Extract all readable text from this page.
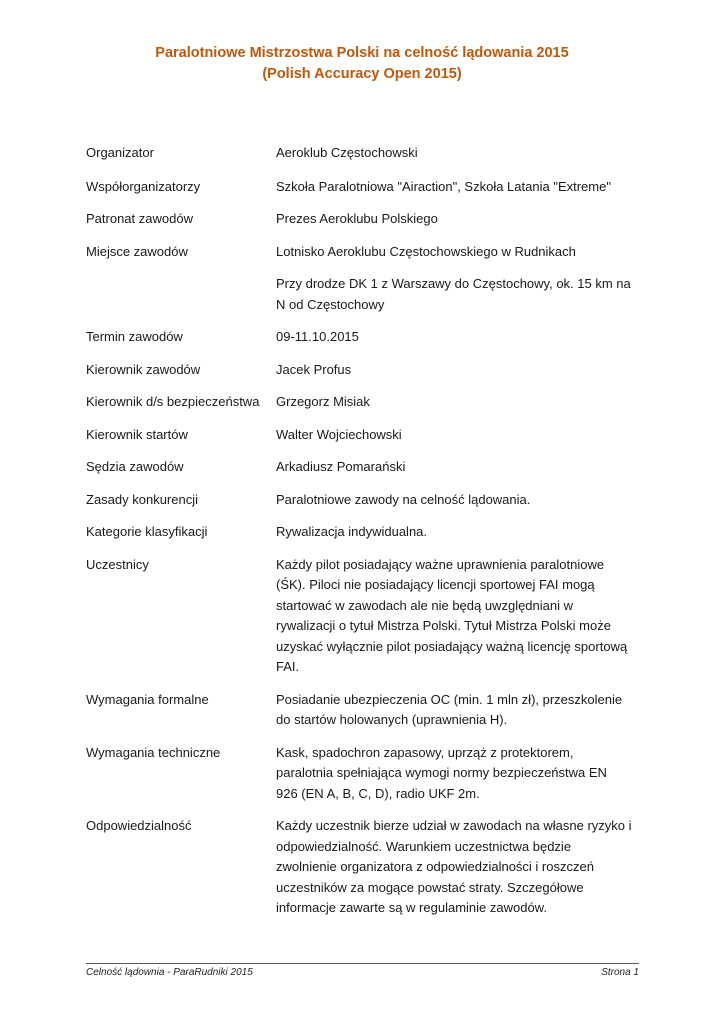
Paralotniowe Mistrzostwa Polski na celność lądowania 2015
(Polish Accuracy Open 2015)
Organizator	Aeroklub Częstochowski
Współorganizatorzy	Szkoła Paralotniowa "Airaction", Szkoła Latania "Extreme"
Patronat zawodów	Prezes Aeroklubu Polskiego
Miejsce zawodów	Lotnisko Aeroklubu Częstochowskiego w Rudnikach
Przy drodze DK 1 z Warszawy do Częstochowy, ok. 15 km na
N od Częstochowy
Termin zawodów	09-11.10.2015
Kierownik zawodów	Jacek Profus
Kierownik d/s bezpieczeństwa	Grzegorz Misiak
Kierownik startów	Walter Wojciechowski
Sędzia zawodów	Arkadiusz Pomarański
Zasady konkurencji	Paralotniowe zawody na celność lądowania.
Kategorie klasyfikacji	Rywalizacja indywidualna.
Uczestnicy	Każdy pilot posiadający ważne uprawnienia paralotniowe
(ŚK). Piloci nie posiadający licencji sportowej FAI mogą
startować w zawodach ale nie będą uwzględniani w
rywalizacji o tytuł Mistrza Polski. Tytuł Mistrza Polski może
uzyskać wyłącznie pilot posiadający ważną licencję sportową
FAI.
Wymagania formalne	Posiadanie ubezpieczenia OC (min. 1 mln zł), przeszkolenie
do startów holowanych (uprawnienia H).
Wymagania techniczne	Kask, spadochron zapasowy, uprząż z protektorem,
paralotnia spełniająca wymogi normy bezpieczeństwa EN
926 (EN A, B, C, D), radio UKF 2m.
Odpowiedzialność	Każdy uczestnik bierze udział w zawodach na własne ryzyko i
odpowiedzialność. Warunkiem uczestnictwa będzie
zwolnienie organizatora z odpowiedzialności i roszczeń
uczestników za mogące powstać straty. Szczegółowe
informacje zawarte są w regulaminie zawodów.
Celność lądownia - ParaRudniki 2015	Strona 1
